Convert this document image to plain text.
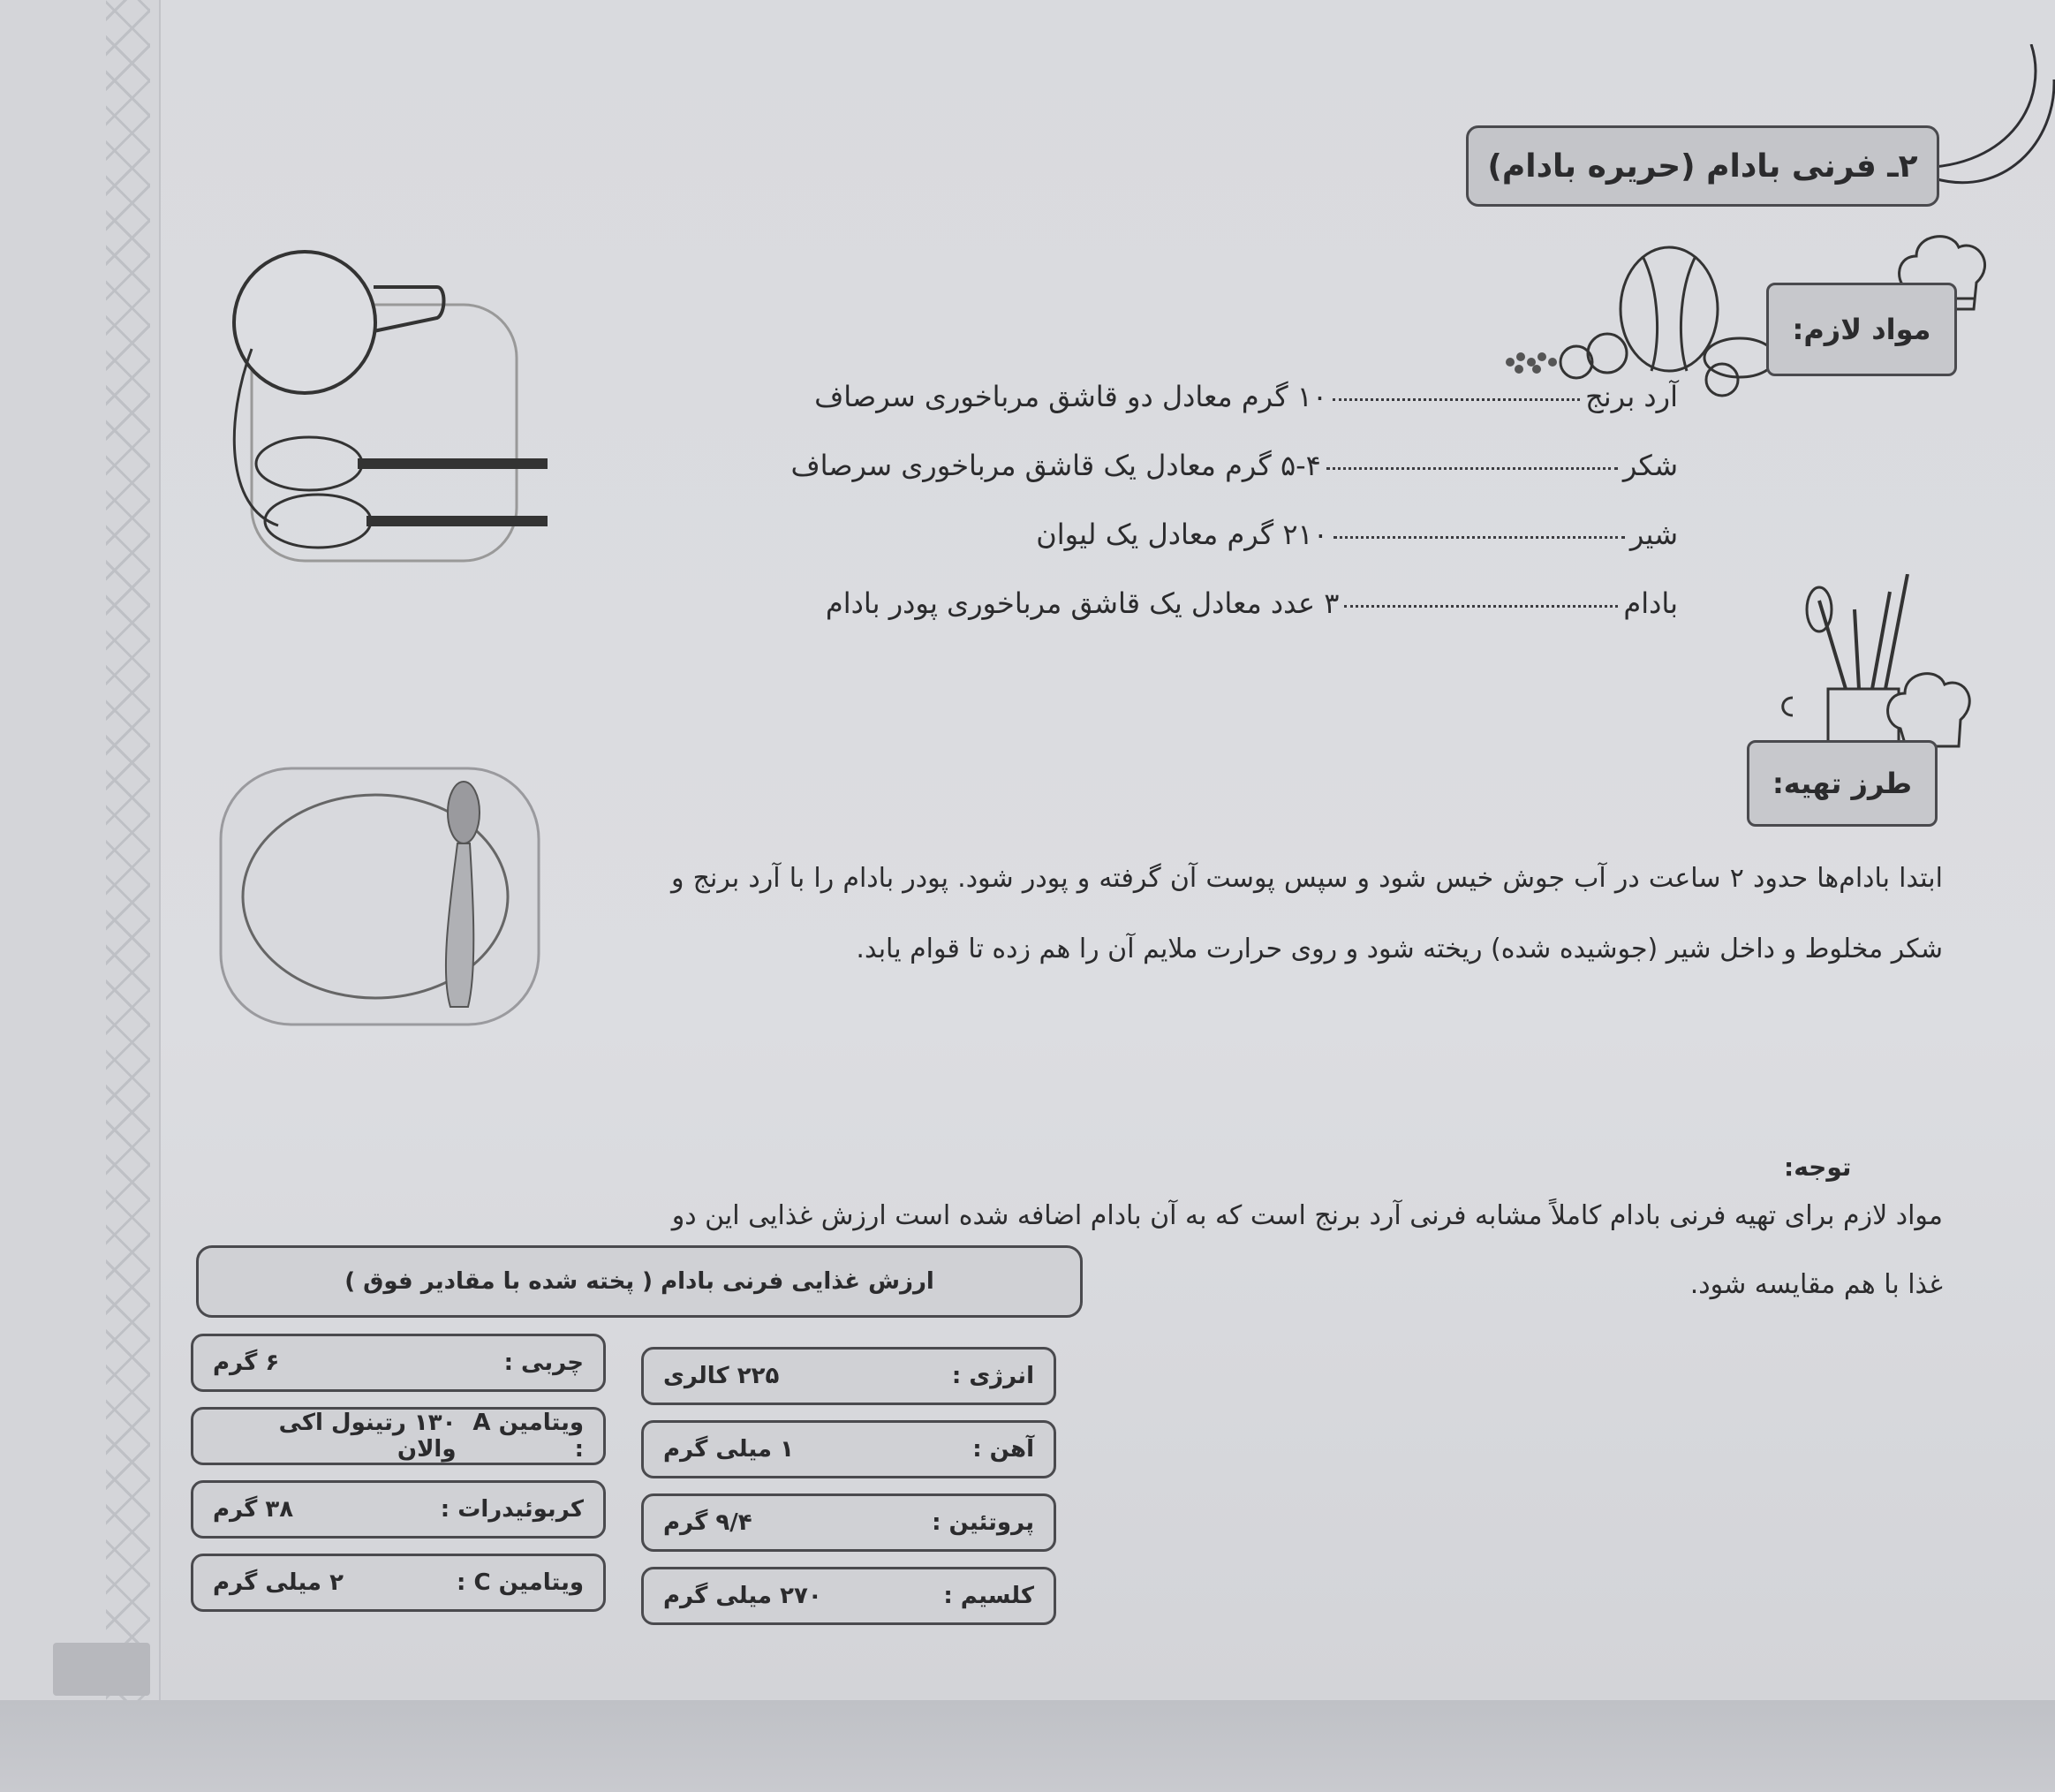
۲ـ فرنی بادام (حریره بادام)
مواد لازم:
آرد برنج
۱۰ گرم معادل دو قاشق مرباخوری سرصاف
شکر
۵-۴ گرم معادل یک قاشق مرباخوری سرصاف
شیر
۲۱۰ گرم معادل یک لیوان
بادام
۳ عدد معادل یک قاشق مرباخوری پودر بادام
طرز تهیه:
ابتدا بادام‌ها حدود ۲ ساعت در آب جوش خیس شود و سپس پوست آن گرفته و پودر شود. پودر بادام را با آرد برنج و شکر مخلوط و داخل شیر (جوشیده شده) ریخته شود و روی حرارت ملایم آن را هم زده تا قوام یابد.
توجه:
مواد لازم برای تهیه فرنی بادام کاملاً مشابه فرنی آرد برنج است که به آن بادام اضافه شده است ارزش غذایی این دو غذا با هم مقایسه شود.
ارزش غذایی فرنی بادام ( پخته شده با مقادیر فوق )
انرژی :
۲۲۵ کالری
آهن :
۱ میلی گرم
پروتئین :
۹/۴ گرم
کلسیم :
۲۷۰ میلی گرم
چربی :
۶ گرم
ویتامین A :
۱۳۰ رتینول اکی والان
کربوئیدرات :
۳۸ گرم
ویتامین C :
۲ میلی گرم
